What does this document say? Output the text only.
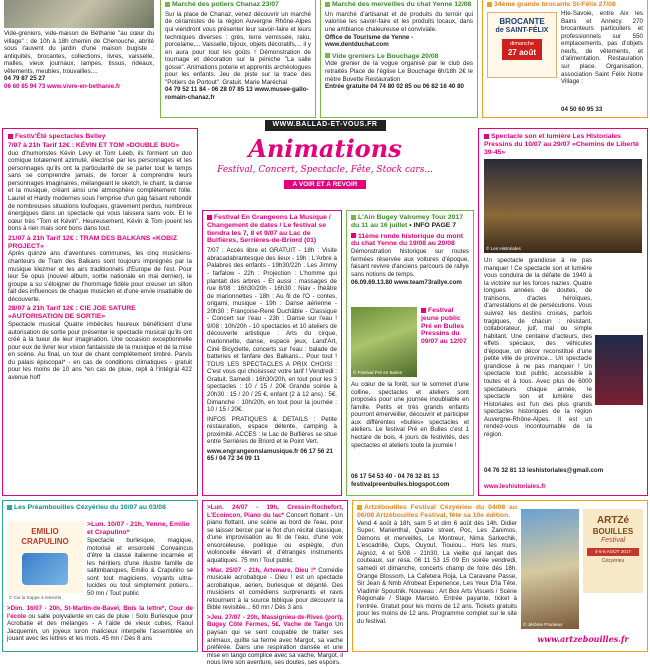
Vide-greniers, vide-maison de Béthanie "au cœur du village" : de 10h à 18h chemin de Chenouche, abrité sous l'auvent du jardin d'une maison bugiste : antiquités, brocantes, collections, livres, vaisselle, malles, vieux journaux, lampes, tissus, rideaux, vêtements, meubles, trouvailles....
04 79 87 25 27
06 60 85 94 73 www.vivre-en-bethanie.fr
Marché des potiers Chanaz 23/07
Sur la place de Chanaz, venez découvrir un marché de céramistes de la région Auvergne Rhône-Alpes qui viendront vous présenter leur savoir-faire et leurs techniques diverses : grès, terre vernissée, raku, porcelaine,... Vaisselle, bijoux, objets décoratifs,... il y en aura pour tout les goûts ! Démonstration de tournage et décoration sur la péniche "La salle gosse". Animations poterie et apprentis archéologues pour les enfants. Jeu de piste sur la trace des "Potiers de Portout". Gratuit. Marie Maréchal
04 79 52 11 84 - 06 28 07 85 13 www.musee-gallo-romain-chanaz.fr
Marché des merveilles du chat Yenne 12/08
Un marché d'artisanat et de produits du terroir qui valorise les savoir-faire et les produits locaux, dans une ambiance chaleureuse et conviviale.
Office de Tourisme de Yenne - www.dentduchat.com
Vide greniers Le Bouchage 20/08
Vide grenier de la vogue organisé par le club des retraités Place de l'église Le Bouchage 6h/18h 2€ le mètre Buvette Restauration
Entrée gratuite 04 74 80 02 85 ou 06 82 16 40 80
34ème grande brocante St-Félix 27/08
BROCANTE
de SAINT-FÉLIX
dimanche
27 août
Hte-Savoie, entre Aix les Bains et Annecy. 270 brocanteurs particuliers et professionnels sur 550 emplacements, pas d'objets neufs, de vêtements, et d'alimentation. Restauration sur place. Organisation, association Saint Félix Notre Village :
04 50 60 95 33
WWW.BALLAD-ET-VOUS.FR
Animations
Festival, Concert, Spectacle, Fête, Stock cars...
A VOIR ET A REVOIR
Festiv'Été spectacles Belley
7/07 à 21h Tarif 12€ : KÉVIN ET TOM «DOUBLE BUG»
duo d'humoristes Kévin Levy et Tom Leeb, ils forment un duo comique totalement azimuté, électrisé par les personnages et les personnages qu'ils ont la particularité de se parler tout le temps sans se comprendre jamais, de forcer à comprendre leurs personnages imaginaires, mélangeant le sketch, le chant, la danse et la musique, créant ainsi une atmosphère complètement folle. Laurel et Hardy modernes sous l'emprise d'un gag faisant rebondir de nombreuses situations loufoques, gravement perdus, nombreux énergiques dans un spectacle qui vous laissera sans voix. Et le cœur très "Tom et Kévin". Heureusement, Kévin & Tom jouent les bons à rien mais sont bons dans tout.
21/07 à 21h Tarif 12€ : TRAM DES BALKANS «KOBIZ PROJECT»
Après quinze ans d'aventures communes, les cinq musiciens-chanteurs de Tram des Balkans sont toujours imprégnés par la musique klezmer et les airs traditionnels d'Europe de l'est. Pour leur 5e opus (nouvel album, sortie nationale en mai dernier), le groupe a su s'éloigner de l'hommage fidèle pour creuser un sillon fait des influences de chaque musicien et d'une envie insatiable de découverte.
28/07 à 21h Tarif 12€ : CIE JOE SATURE «AUTORISATION DE SORTIE»
Spectacle musical Quatre imbéciles heureux bénéficient d'une autorisation de sortie pour présenter le spectacle musical qu'ils ont créé à la tueur de leur imagination. Une occasion exceptionnelle pour eux de livrer leur vision fantaisiste de la musique et de la mise en scène. Au final, un tour de chant complètement timbré. Parvis du palais épiscopal* - en cas de conditions climatiques - gratuit pour les moins de 10 ans *en cas de pluie, repli à l'intégral 422 avenue hoff
Festival En Grangeons La Musique / Changement de dates / Le festival se tiendra les 7, 8 et 9/07 au Lac de Bulfières, Serrières-de-Briord (01)
7/07 : Accès libre et GRATUIT - 18h : Visite abracadabrantesque des lieux - 19h : L'Arbre à Palabres des enfants - 19h30/22h : Les Jimmy - farfalow - 22h : Projection : L'homme qui plantait des arbres - Et aussi : massages de rue 8/08 : 16h30/20h - 16h30 : Niav - théâtre de marionnettes - 18h : Au fil de l'O - contes, origami, musique - 19h : Danse aérienne - 20h30 : Françoise-René Duchâble - Classique - Concert sur l'eau - 23h : Danse sur l'eau ! 9/08 : 10h/20h - 10 spectacles et 10 ateliers de découverte artistique : Arts du cirque, marionnette, danse, espace jeux, Land'Art, Ciné Bicyclette, concerts sur l'eau : balade de batteries et fanfare des Balkans... Pour tout ! TOUS LES SPECTACLES A PRIX CHOISI : C'est vous qui choisissez votre tarif ! Vendredi : Gratuit. Samedi : 16h30/20h, en tout pour les 3 spectacles : 10 / 15 / 20€ Grande soirée à 20h30 : 15 / 20 / 25 €, enfant (2 à 12 ans) : 5€. Dimanche : 10h/20h, en tout pour la journée : 10 / 15 / 20€.
INFOS PRATIQUES & DETAILS : Petite restauration, espace détente, camping à proximité. ACCES : le Lac de Bulfières se situe entre Serrières de Briord et le Point Vert.
www.engrangeonslamusique.fr 06 17 56 21 65 / 04 72 34 09 11
L'Ain Bugey Valromey Tour 2017 du 11 au 16 juillet • INFO PAGE 7
11ème ronde historique du mont du chat Yenne du 19/08 au 20/08
Démonstration historique sur routes fermées réservée aux voitures d'époque, faisant revivre d'anciens parcours de rallye sans notions de temps.
06.09.69.13.80 www.team73rallye.com
© Festival Pré en Bulles
Festival jeune public Pré en Bulles Pressins du 09/07 au 12/07
Au cœur de la forêt, sur le sommet d'une colline, spectacles et ateliers sont proposés pour une journée inoubliable en famille. Petits et très grands enfants pourront émerveiller, découvrir et participer aux différentes «bulles» spectacles et ateliers. Le festival Pré en Bulles c'est 1 hectare de bois, 4 jours de festivités, des spectacles et ateliers toute la journée !
06 17 54 53 40 - 04 76 32 81 13 festivalpreenbulles.blogspot.com
Spectacle son et lumière Les Historiales Pressins du 10/07 au 29/07 «Chemins de Liberté 39-45»
© Les Historiales
Un spectacle grandiose à ne pas manquer ! Ce spectacle son et lumière vous conduira de la défaite de 1940 à la victoire sur les forces nazies. Quatre longues années de doutes, de trahisons, d'actes héroïques, d'arrestations et de persécutions. Vous suivrez les destins croisés, parfois tragiques, de chacun : résistant, collaborateur, juif, mal ou simple habitant. Une centaine d'acteurs, des effets spéciaux, des véhicules d'époque, un décor reconstitué d'une petite ville de province... Un spectacle grandiose à ne pas manquer ! Un spectacle tout public, accessible à toutes et à tous. Avec plus de 6000 spectateurs chaque année, le spectacle son et lumière des Historiales est l'un des plus grands spectacles historiques de la région Auvergne-Rhône-Alpes. Il est un rendez-vous incontournable de la région.
04 76 32 81 13 leshistoriales@gmail.com
www.leshistoriales.fr
Les Préambouilles Cézyérieu du 10/07 au 03/08
EMILIO
CRAPULINO
© Cie la trappe à ressorts
>Lun. 10/07 - 21h, Yenne, Emilio et Crapulino*
Spectacle burlesque, magique, motorisé et ensorcelé Convaincus d'être la classe italienne incarnée et les héritiers d'une illustre famille de saltimbanques, Emilio & Crapulino se sont tout magiciens, voyants ultra-lucides ou tout simplement potiers... 50 mn / Tout public
>Dim. 16/07 - 20h, St-Martin-de-Bavel, Bois la lettre*, Cour de l'école ou salle polyvalente en cas de pluie : Solo Burlesque pour Acrobatie et des mélanges - A l'aide de vieux cubes, Raoul Jacquemin, un joyeux luron malicieux interpelle l'assemblée en jouant avec les lettres et les mots. 45 mn / Dès 8 ans
>Lun. 24/07 - 19h, Cressin-Rochefort, L'Ecoincon, Piano du lac* Concert flottant - Un piano flottant, une scène au bord de l'eau, pour se laisser bercer par le flot d'un récital classique, d'une improvisation au fil de l'eau, d'une voix ensorceleuse, poétique ou espiègle, d'un violoncelle élevant et d'étranges instruments aquatiques. 75 mn / Tout public
>Mar. 25/07 - 21h, Artemare, Dieu !* Comédie musicale acrobatique - Dieu ! est un spectacle acrobatique, aérien, burlesque et déjanté. Des musiciens et comédiens surprenants et ravis retournent à la source biblique pour découvrir la Bible revisitée... 60 mn / Dès 3 ans
>Jeu. 27/07 - 20h, Massignieu-de-Rives (port), Bugey Côté Fermes, 5€, Vache de Tango Un paysan qui se sent coupable de traiter ses animaux, quitte sa ferme avec Margot, sa vache préférée. Dans une respiration dansée et une mise en tango complice avec sa vache, Margot, il nous livre son aventure, ses doutes, ses espoirs.
Artzébouilles Festival Cézyérieu du 04/08 au 06/08 Artzébouilles Festival, fête sa 10e édition.
Vend 4 août à 18h, sam 5 et dim 6 août dès 14h. Didier Super, Marienthal, Quatre street, Poc, Les Zanimos, Démons et merveilles, Le Montreur, Nima Sarkechik, L'escadrille, Oups, Ouyout, Tiouiou... Hors les murs, Aignoz, 4 et 5/08 - 21h30, La vieille qui lançait des couteaux, sur résa. 06 11 53 15 09 En soirée vendredi, samedi et dimanche, concerts champ de foire dès 18h. Orange Blossom, La Cafetera Roja, La Caravane Passe, Sir Jean & Nmb Afrobeat Experience, Les Yeux D'la Tête, Vladimir Spoutnik. Nouveau : Art Box Arts Visuels / Scène Régionale / Stage Marcelo. Entrée payante, ticket à l'entrée. Gratuit pour les moins de 12 ans. Tickets gratuits pour les moins de 12 ans. Programme complet sur le site du festival.	© Jérôme Prunieux
ARTZé
BOUILLES
Festival
4-5-6 AOÛT 2017
Cézyérieu
www.artzebouilles.fr
